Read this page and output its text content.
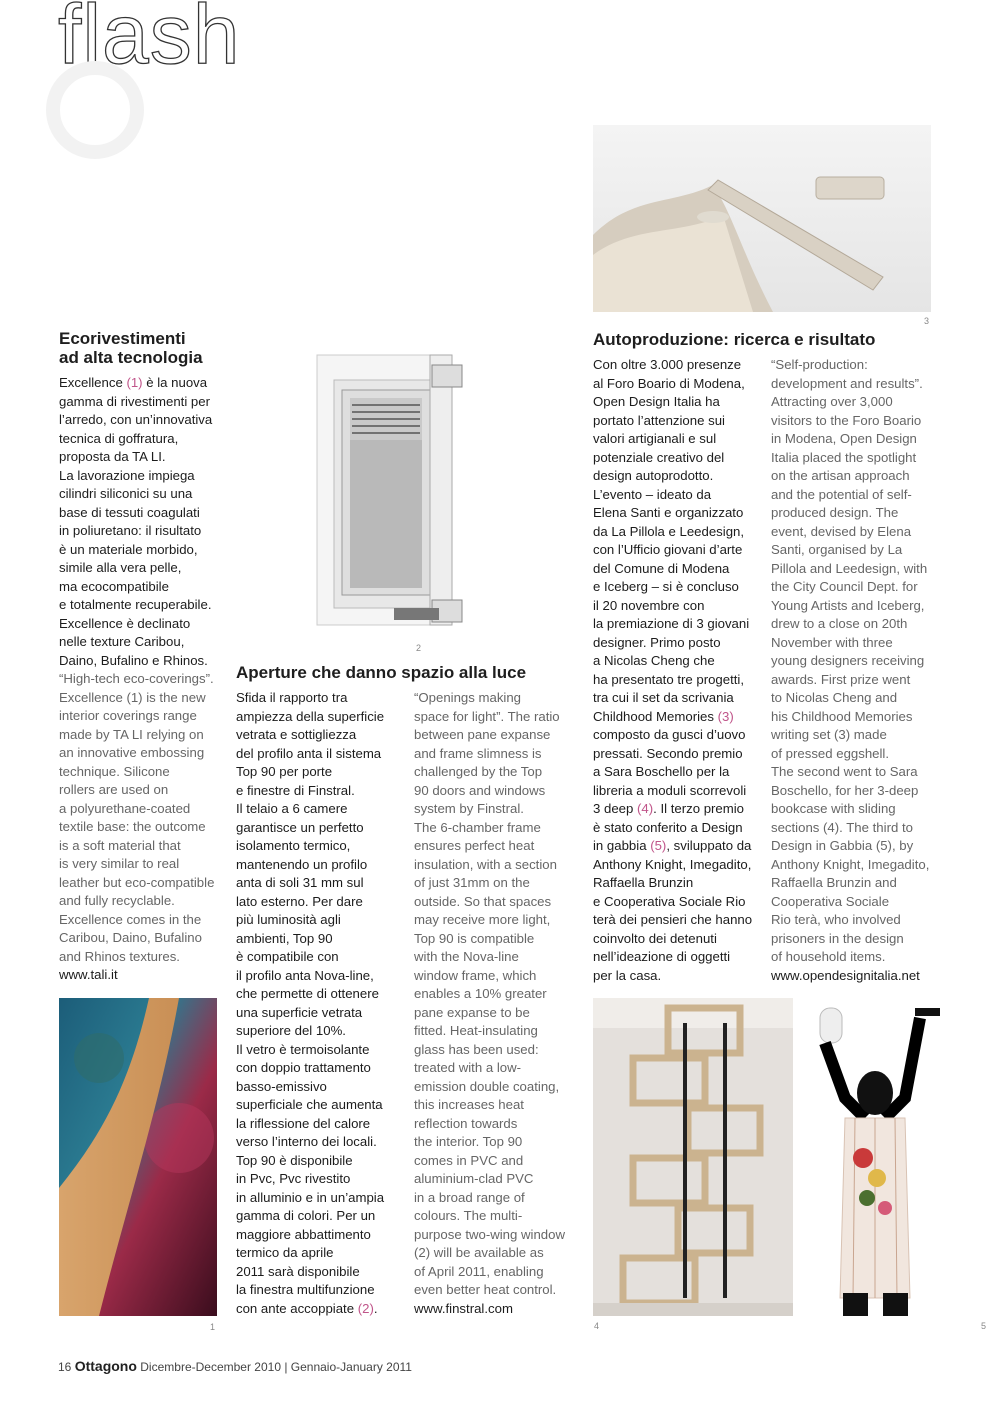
flash
Ecorivestimenti
ad alta tecnologia

Excellence (1) è la nuova

gamma di rivestimenti per

l’arredo, con un’innovativa

tecnica di goffratura,

proposta da TA LI.

La lavorazione impiega

cilindri siliconici su una

base di tessuti coagulati

in poliuretano: il risultato

è un materiale morbido,

simile alla vera pelle,

ma ecocompatibile

e totalmente recuperabile.

Excellence è declinato

nelle texture Caribou,

Daino, Bufalino e Rhinos.

“High-tech eco-coverings”.

Excellence (1) is the new

interior coverings range

made by TA LI relying on

an innovative embossing

technique. Silicone

rollers are used on

a polyurethane-coated

textile base: the outcome

is a soft material that

is very similar to real

leather but eco-compatible

and fully recyclable.

Excellence comes in the

Caribou, Daino, Bufalino

and Rhinos textures.

www.tali.it

1
2
Aperture che danno spazio alla luce

Sfida il rapporto tra

ampiezza della superficie

vetrata e sottigliezza

del profilo anta il sistema

Top 90 per porte

e finestre di Finstral.

Il telaio a 6 camere

garantisce un perfetto

isolamento termico,

mantenendo un profilo

anta di soli 31 mm sul

lato esterno. Per dare

più luminosità agli

ambienti, Top 90

è compatibile con

il profilo anta Nova-line,

che permette di ottenere

una superficie vetrata

superiore del 10%.

Il vetro è termoisolante

con doppio trattamento

basso-emissivo

superficiale che aumenta

la riflessione del calore

verso l’interno dei locali.

Top 90 è disponibile

in Pvc, Pvc rivestito

in alluminio e in un’ampia

gamma di colori. Per un

maggiore abbattimento

termico da aprile

2011 sarà disponibile

la finestra multifunzione

con ante accoppiate (2).

“Openings making

space for light”. The ratio

between pane expanse

and frame slimness is

challenged by the Top

90 doors and windows

system by Finstral.

The 6-chamber frame

ensures perfect heat

insulation, with a section

of just 31mm on the

outside. So that spaces

may receive more light,

Top 90 is compatible

with the Nova-line

window frame, which

enables a 10% greater

pane expanse to be

fitted. Heat-insulating

glass has been used:

treated with a low-

emission double coating,

this increases heat

reflection towards

the interior. Top 90

comes in PVC and

aluminium-clad PVC

in a broad range of

colours. The multi-

purpose two-wing window

(2) will be available as

of April 2011, enabling

even better heat control.

www.finstral.com

3
Autoproduzione: ricerca e risultato

Con oltre 3.000 presenze

al Foro Boario di Modena,

Open Design Italia ha

portato l’attenzione sui

valori artigianali e sul

potenziale creativo del

design autoprodotto.

L’evento – ideato da

Elena Santi e organizzato

da La Pillola e Leedesign,

con l’Ufficio giovani d’arte

del Comune di Modena

e Iceberg – si è concluso

il 20 novembre con

la premiazione di 3 giovani

designer. Primo posto

a Nicolas Cheng che

ha presentato tre progetti,

tra cui il set da scrivania

Childhood Memories (3)

composto da gusci d’uovo

pressati. Secondo premio

a Sara Boschello per la

libreria a moduli scorrevoli

3 deep (4). Il terzo premio

è stato conferito a Design

in gabbia (5), sviluppato da

Anthony Knight, Imegadito,

Raffaella Brunzin

e Cooperativa Sociale Rio

terà dei pensieri che hanno

coinvolto dei detenuti

nell’ideazione di oggetti

per la casa.

“Self-production:

development and results”.

Attracting over 3,000

visitors to the Foro Boario

in Modena, Open Design

Italia placed the spotlight

on the artisan approach

and the potential of self-

produced design. The

event, devised by Elena

Santi, organised by La

Pillola and Leedesign, with

the City Council Dept. for

Young Artists and Iceberg,

drew to a close on 20th

November with three

young designers receiving

awards. First prize went

to Nicolas Cheng and

his Childhood Memories

writing set (3) made

of pressed eggshell.

The second went to Sara

Boschello, for her 3-deep

bookcase with sliding

sections (4). The third to

Design in Gabbia (5), by

Anthony Knight, Imegadito,

Raffaella Brunzin and

Cooperativa Sociale

Rio terà, who involved

prisoners in the design

of household items.

www.opendesignitalia.net

4	5
16 Ottagono Dicembre-December 2010 | Gennaio-January 2011
